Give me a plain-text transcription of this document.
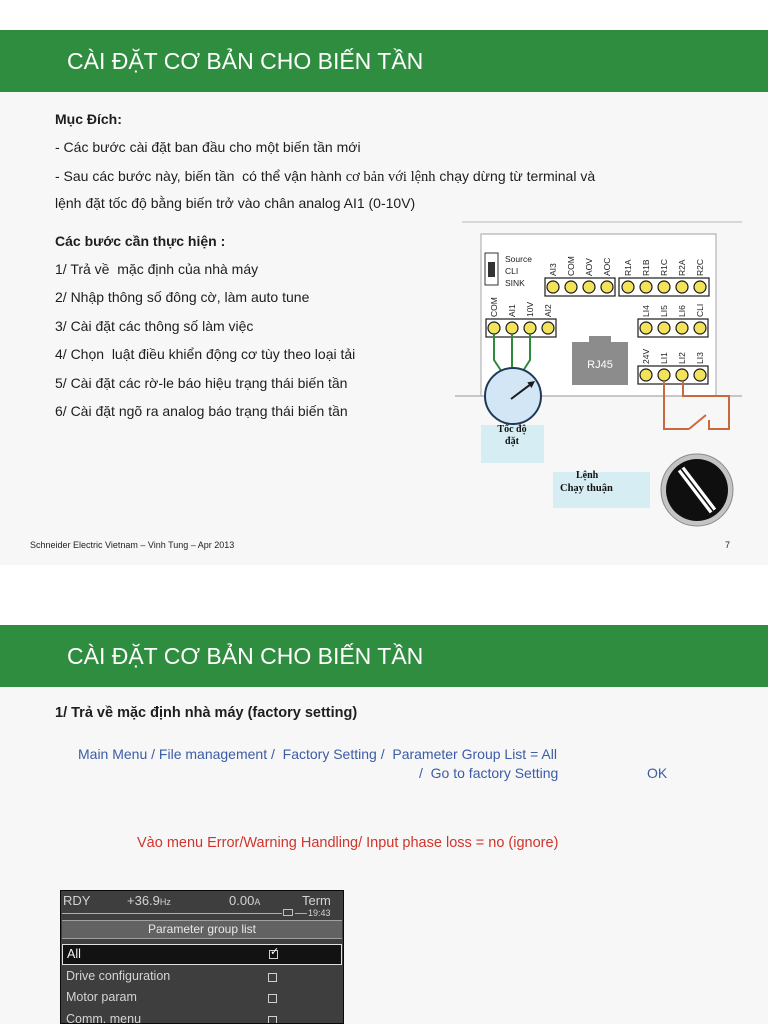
CÀI ĐẶT CƠ BẢN CHO BIẾN TẦN
Mục Đích:
- Các bước cài đặt ban đầu cho một biến tần mới
- Sau các bước này, biến tần  có thể vận hành cơ bản với lệnh chạy dừng từ terminal và
lệnh đặt tốc độ bằng biến trở vào chân analog AI1 (0-10V)
Các bước cần thực hiện :
1/ Trả về  mặc định của nhà máy
2/ Nhập thông số đông cờ, làm auto tune
3/ Cài đặt các thông số làm việc
4/ Chọn  luật điều khiển động cơ tùy theo loại tải
5/ Cài đặt các rờ-le báo hiệu trạng thái biến tần
6/ Cài đặt ngõ ra analog báo trạng thái biến tần
Source
CLI
SINK
AI3 COM AOV AOC R1A R1B R1C R2A R2C
COM AI1 10V AI2	LI4 LI5 LI6 CLI
24V LI1 LI2 LI3
RJ45
Tốc độ
đặt
Lệnh
Chạy thuận
Schneider Electric Vietnam – Vinh Tung – Apr 2013	7
CÀI ĐẶT CƠ BẢN CHO BIẾN TẦN
1/ Trả về mặc định nhà máy (factory setting)
Main Menu / File management /  Factory Setting /  Parameter Group List = All
/  Go to factory Setting	OK
Vào menu Error/Warning Handling/ Input phase loss = no (ignore)
RDY	+36.9Hz	0.00A	Term
19:43
Parameter group list
All
✓
Drive configuration
Motor param
Comm. menu
